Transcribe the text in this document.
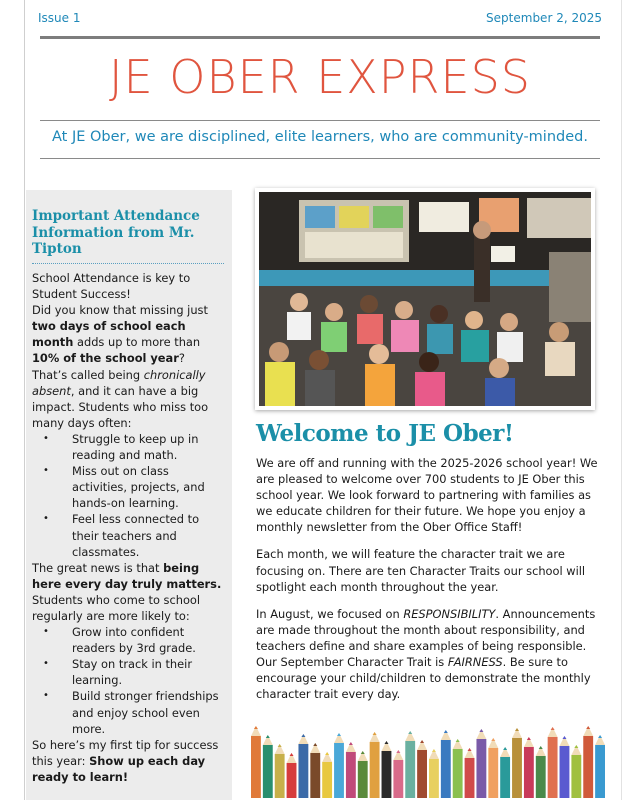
Issue 1	September 2, 2025
JE OBER EXPRESS
At JE Ober, we are disciplined, elite learners, who are community-minded.
Important Attendance Information from Mr. Tipton

School Attendance is key to Student Success!

Did you know that missing just two days of school each month adds up to more than 10% of the school year? That’s called being chronically absent, and it can have a big impact. Students who miss too many days often:

• Struggle to keep up in reading and math.
• Miss out on class activities, projects, and hands-on learning.
• Feel less connected to their teachers and classmates.

The great news is that being here every day truly matters. Students who come to school regularly are more likely to:

• Grow into confident readers by 3rd grade.
• Stay on track in their learning.
• Build stronger friendships and enjoy school even more.

So here’s my first tip for success this year: Show up each day ready to learn!

Welcome to JE Ober!

We are off and running with the 2025-2026 school year! We are pleased to welcome over 700 students to JE Ober this school year. We look forward to partnering with families as we educate children for their future. We hope you enjoy a monthly newsletter from the Ober Office Staff!

Each month, we will feature the character trait we are focusing on. There are ten Character Traits our school will spotlight each month throughout the year.

In August, we focused on RESPONSIBILITY. Announcements are made throughout the month about responsibility, and teachers define and share examples of being responsible. Our September Character Trait is FAIRNESS. Be sure to encourage your child/children to demonstrate the monthly character trait every day.
